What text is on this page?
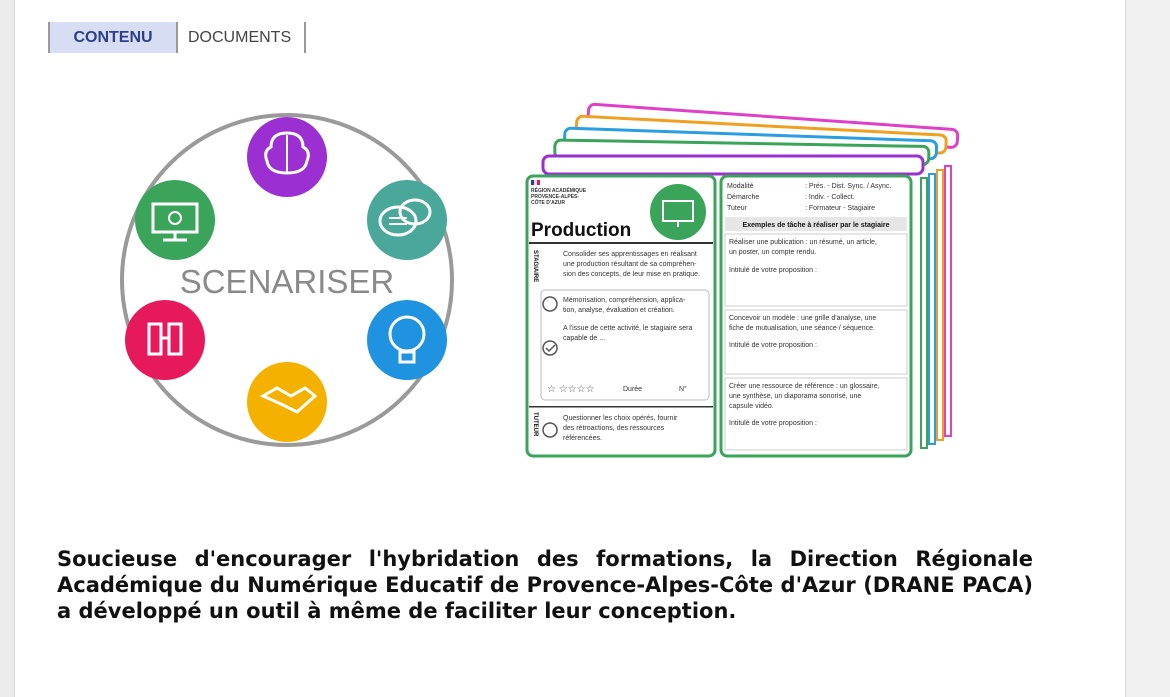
CONTENU	DOCUMENTS
SCENARISER
RÉGION ACADÉMIQUE
PROVENCE-ALPES-
CÔTE D'AZUR
Production
STAGIAIRE	Consolider ses apprentissages en réalisant
une production résultant de sa compréhen-
sion des concepts, de leur mise en pratique.
Mémorisation, compréhension, applica-
tion, analyse, évaluation et création.
A l'issue de cette activité, le stagiaire sera
capable de ...
☆ ☆☆☆☆	Durée	N°
TUTEUR	Questionner les choix opérés, fournir
des rétroactions, des ressources
référencées.
Modalité	: Prés. - Dist. Sync. / Async.
Démarche	: Indiv. - Collect.
Tuteur	: Formateur - Stagiaire
Exemples de tâche à réaliser par le stagiaire
Réaliser une publication : un résumé, un article,
un poster, un compte rendu.
Intitulé de votre proposition :
Concevoir un modèle : une grille d'analyse, une
fiche de mutualisation, une séance / séquence.
Intitulé de votre proposition :
Créer une ressource de référence : un glossaire,
une synthèse, un diaporama sonorisé, une
capsule vidéo.
Intitulé de votre proposition :

Soucieuse d'encourager l'hybridation des formations, la Direction Régionale Académique du Numérique Educatif de Provence-Alpes-Côte d'Azur (DRANE PACA) a développé un outil à même de faciliter leur conception.
